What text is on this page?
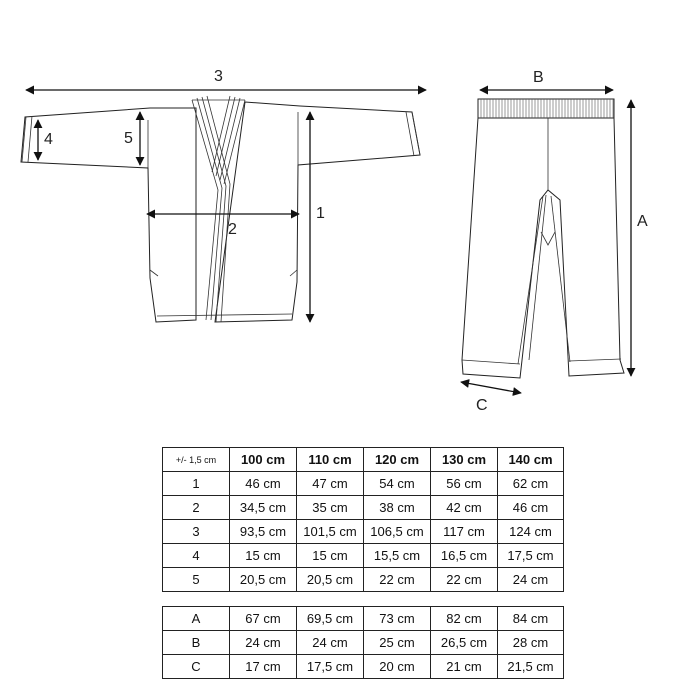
3
4	5
2
1
B
A
C
+/- 1,5 cm	100 cm	110 cm	120 cm	130 cm	140 cm
1	46 cm	47 cm	54 cm	56 cm	62 cm
2	34,5 cm	35 cm	38 cm	42 cm	46 cm
3	93,5 cm	101,5 cm	106,5 cm	117 cm	124 cm
4	15 cm	15 cm	15,5 cm	16,5 cm	17,5 cm
5	20,5 cm	20,5 cm	22 cm	22 cm	24 cm
A	67 cm	69,5 cm	73 cm	82 cm	84 cm
B	24 cm	24 cm	25 cm	26,5 cm	28 cm
C	17 cm	17,5 cm	20 cm	21 cm	21,5 cm
